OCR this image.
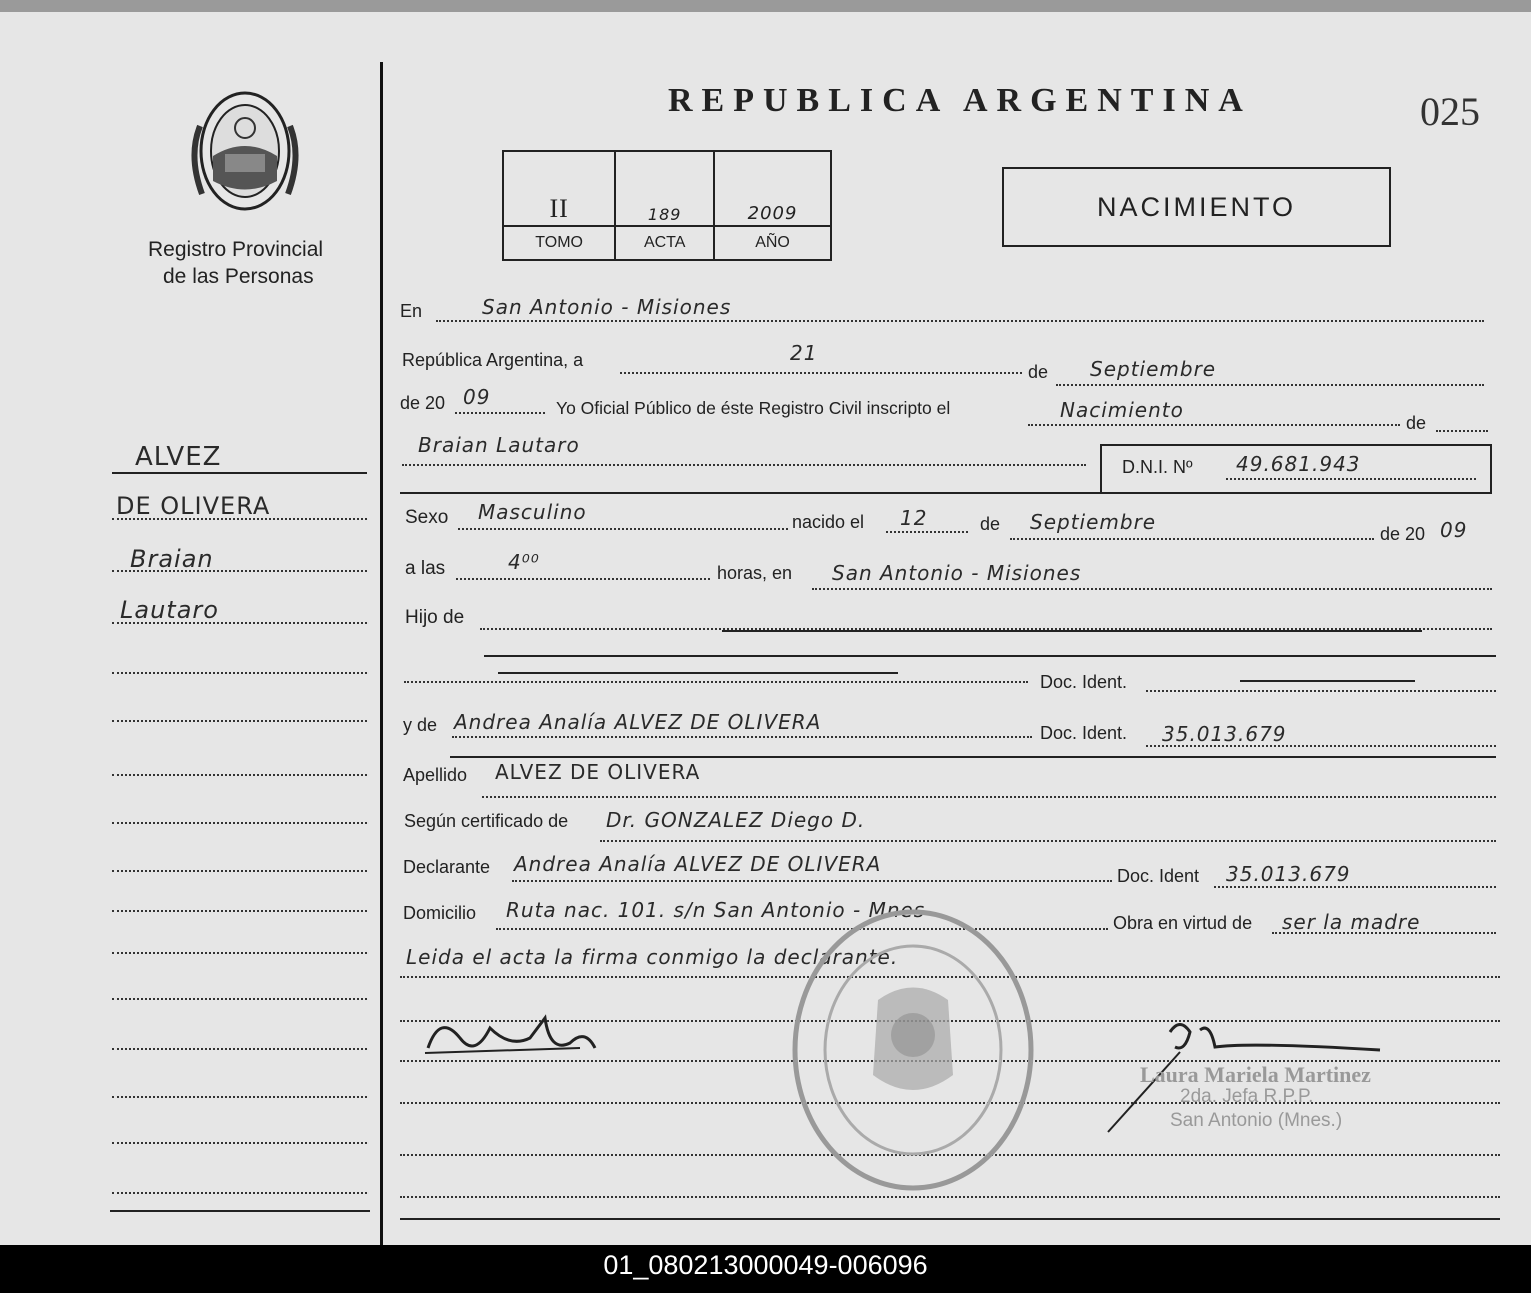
Registro Provincial
de las Personas
REPUBLICA ARGENTINA	025
II	189	2009
TOMO	ACTA	AÑO
NACIMIENTO
ALVEZ
DE OLIVERA
Braian
Lautaro
En	San Antonio - Misiones
República Argentina, a	21
de Septiembre
de 20 09	Yo Oficial Público de éste Registro Civil inscripto el	Nacimiento
de
Braian Lautaro
D.N.I. Nº 49.681.943
Sexo Masculino	nacido el 12	de Septiembre	de 20 09
a las	4⁰⁰	horas, en San Antonio - Misiones
Hijo de
Doc. Ident.
y de Andrea Analía ALVEZ DE OLIVERA	Doc. Ident. 35.013.679
Apellido ALVEZ DE OLIVERA
Según certificado de Dr. GONZALEZ Diego D.
Declarante Andrea Analía ALVEZ DE OLIVERA	Doc. Ident 35.013.679
Domicilio Ruta nac. 101. s/n San Antonio - Mnes
Obra en virtud de ser la madre
Leida el acta la firma conmigo la declarante.
Laura Mariela Martinez
2da. Jefa R.P.P.
San Antonio (Mnes.)
01_080213000049-006096
